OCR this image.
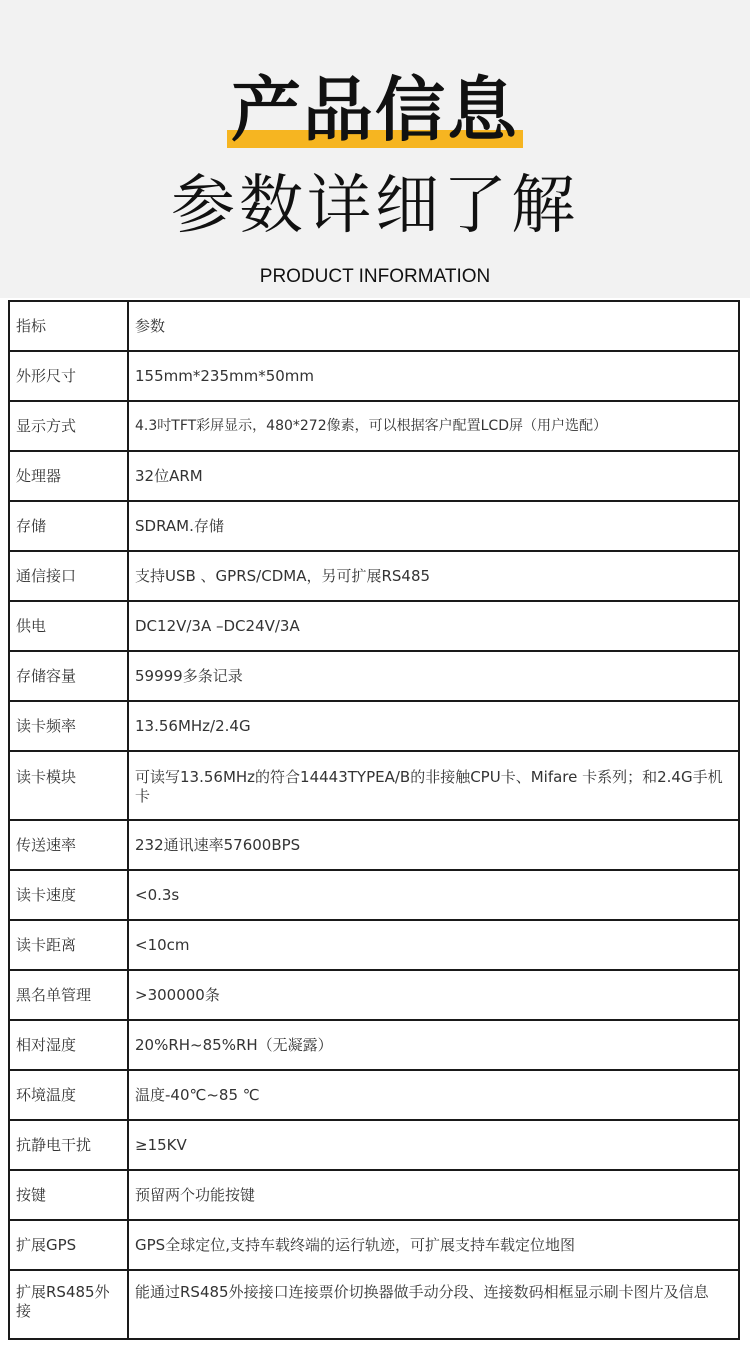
产品信息
参数详细了解
PRODUCT INFORMATION
指标	参数
外形尺寸	155mm*235mm*50mm
显示方式	4.3吋TFT彩屏显示，480*272像素，可以根据客户配置LCD屏（用户选配）
处理器	32位ARM
存储	SDRAM.存储
通信接口	支持USB 、GPRS/CDMA，另可扩展RS485
供电	DC12V/3A –DC24V/3A
存储容量	59999多条记录
读卡频率	13.56MHz/2.4G
读卡模块	可读写13.56MHz的符合14443TYPEA/B的非接触CPU卡、Mifare 卡系列；和2.4G手机卡
传送速率	232通讯速率57600BPS
读卡速度	<0.3s
读卡距离	<10cm
黑名单管理	>300000条
相对湿度	20%RH~85%RH（无凝露）
环境温度	温度-40℃~85 ℃
抗静电干扰	≥15KV
按键	预留两个功能按键
扩展GPS	GPS全球定位,支持车载终端的运行轨迹，可扩展支持车载定位地图
扩展RS485外接	能通过RS485外接接口连接票价切换器做手动分段、连接数码相框显示刷卡图片及信息
